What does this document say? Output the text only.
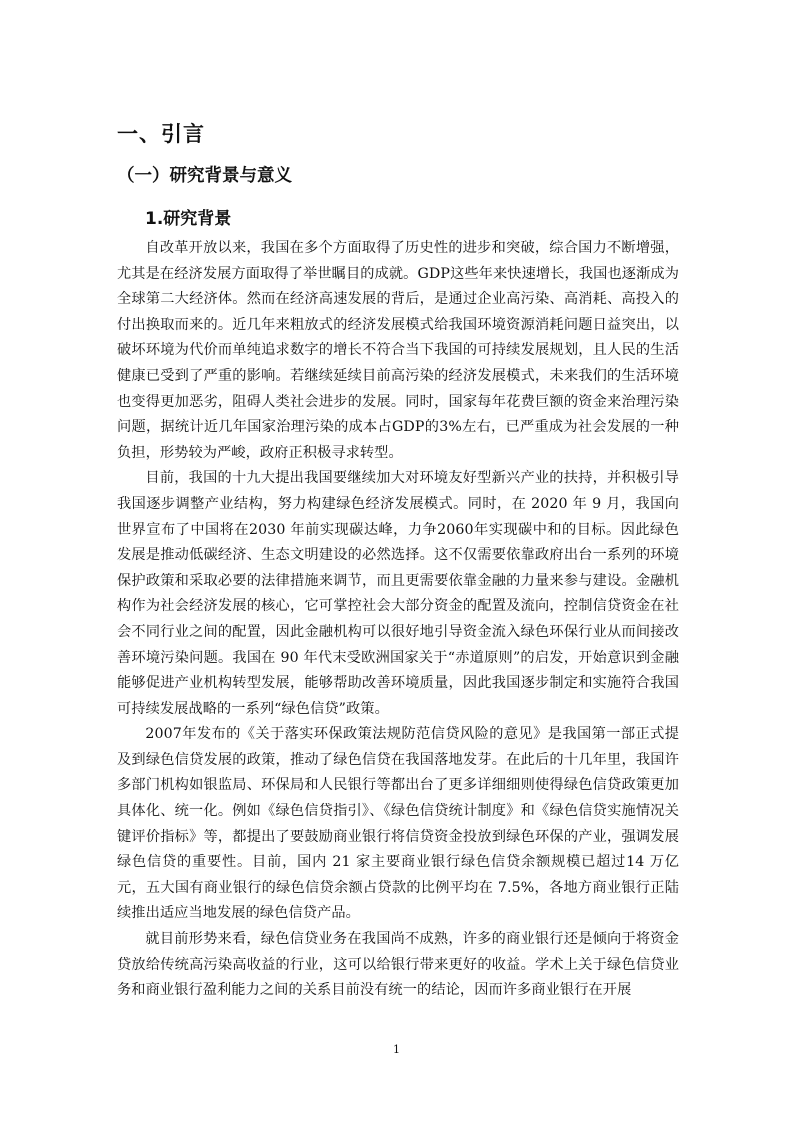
一、引言
（一）研究背景与意义
1.研究背景

自改革开放以来，我国在多个方面取得了历史性的进步和突破，综合国力不断增强，尤其是在经济发展方面取得了举世瞩目的成就。GDP这些年来快速增长，我国也逐渐成为全球第二大经济体。然而在经济高速发展的背后，是通过企业高污染、高消耗、高投入的付出换取而来的。近几年来粗放式的经济发展模式给我国环境资源消耗问题日益突出，以破坏环境为代价而单纯追求数字的增长不符合当下我国的可持续发展规划，且人民的生活健康已受到了严重的影响。若继续延续目前高污染的经济发展模式，未来我们的生活环境也变得更加恶劣，阻碍人类社会进步的发展。同时，国家每年花费巨额的资金来治理污染问题，据统计近几年国家治理污染的成本占GDP的3%左右，已严重成为社会发展的一种负担，形势较为严峻，政府正积极寻求转型。

目前，我国的十九大提出我国要继续加大对环境友好型新兴产业的扶持，并积极引导我国逐步调整产业结构，努力构建绿色经济发展模式。同时，在 2020 年 9 月，我国向世界宣布了中国将在2030 年前实现碳达峰，力争2060年实现碳中和的目标。因此绿色发展是推动低碳经济、生态文明建设的必然选择。这不仅需要依靠政府出台一系列的环境保护政策和采取必要的法律措施来调节，而且更需要依靠金融的力量来参与建设。金融机构作为社会经济发展的核心，它可掌控社会大部分资金的配置及流向，控制信贷资金在社会不同行业之间的配置，因此金融机构可以很好地引导资金流入绿色环保行业从而间接改善环境污染问题。我国在 90 年代末受欧洲国家关于“赤道原则”的启发，开始意识到金融能够促进产业机构转型发展，能够帮助改善环境质量，因此我国逐步制定和实施符合我国可持续发展战略的一系列“绿色信贷”政策。

2007年发布的《关于落实环保政策法规防范信贷风险的意见》是我国第一部正式提及到绿色信贷发展的政策，推动了绿色信贷在我国落地发芽。在此后的十几年里，我国许多部门机构如银监局、环保局和人民银行等都出台了更多详细细则使得绿色信贷政策更加具体化、统一化。例如《绿色信贷指引》、《绿色信贷统计制度》和《绿色信贷实施情况关键评价指标》等，都提出了要鼓励商业银行将信贷资金投放到绿色环保的产业，强调发展绿色信贷的重要性。目前，国内 21 家主要商业银行绿色信贷余额规模已超过14 万亿元，五大国有商业银行的绿色信贷余额占贷款的比例平均在 7.5%，各地方商业银行正陆续推出适应当地发展的绿色信贷产品。

就目前形势来看，绿色信贷业务在我国尚不成熟，许多的商业银行还是倾向于将资金贷放给传统高污染高收益的行业，这可以给银行带来更好的收益。学术上关于绿色信贷业务和商业银行盈利能力之间的关系目前没有统一的结论，因而许多商业银行在开展

1
